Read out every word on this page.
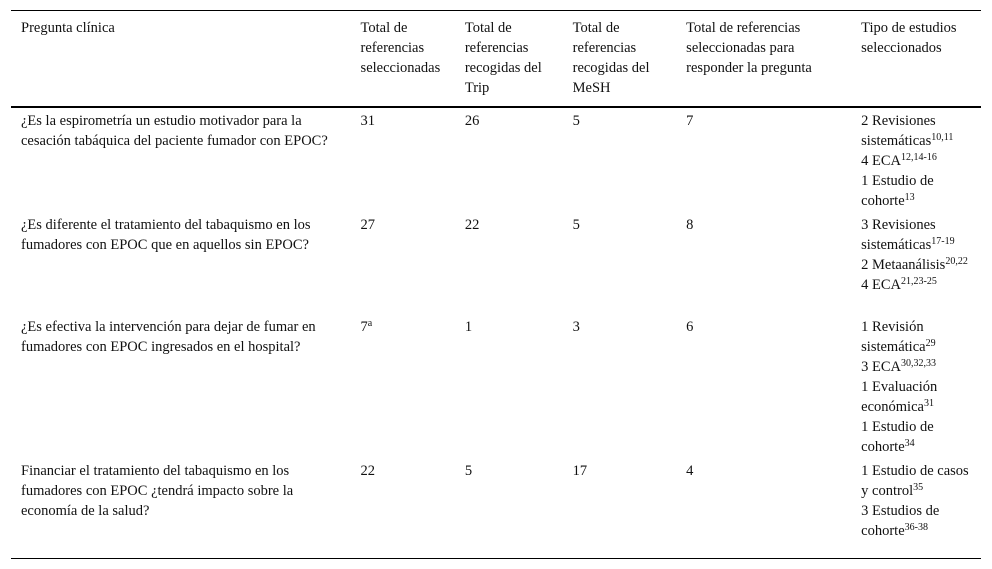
Pregunta clínica	Total de referencias seleccionadas	Total de referencias recogidas del Trip	Total de referencias recogidas del MeSH	Total de referencias seleccionadas para responder la pregunta	Tipo de estudios seleccionados
¿Es la espirometría un estudio motivador para la cesación tabáquica del paciente fumador con EPOC?	31	26	5	7	2 Revisiones sistemáticas$^{10,11}$
4 ECA$^{12,14-16}$
1 Estudio de cohorte$^{13}$

¿Es diferente el tratamiento del tabaquismo en los fumadores con EPOC que en aquellos sin EPOC?	27	22	5	8	3 Revisiones sistemáticas$^{17-19}$
2 Metaanálisis$^{20,22}$
4 ECA$^{21,23-25}$

¿Es efectiva la intervención para dejar de fumar en fumadores con EPOC ingresados en el hospital?	7$^a$	1	3	6	1 Revisión sistemática$^{29}$
3 ECA$^{30,32,33}$
1 Evaluación económica$^{31}$
1 Estudio de cohorte$^{34}$

Financiar el tratamiento del tabaquismo en los fumadores con EPOC ¿tendrá impacto sobre la economía de la salud?	22	5	17	4	1 Estudio de casos y control$^{35}$
3 Estudios de cohorte$^{36-38}$
